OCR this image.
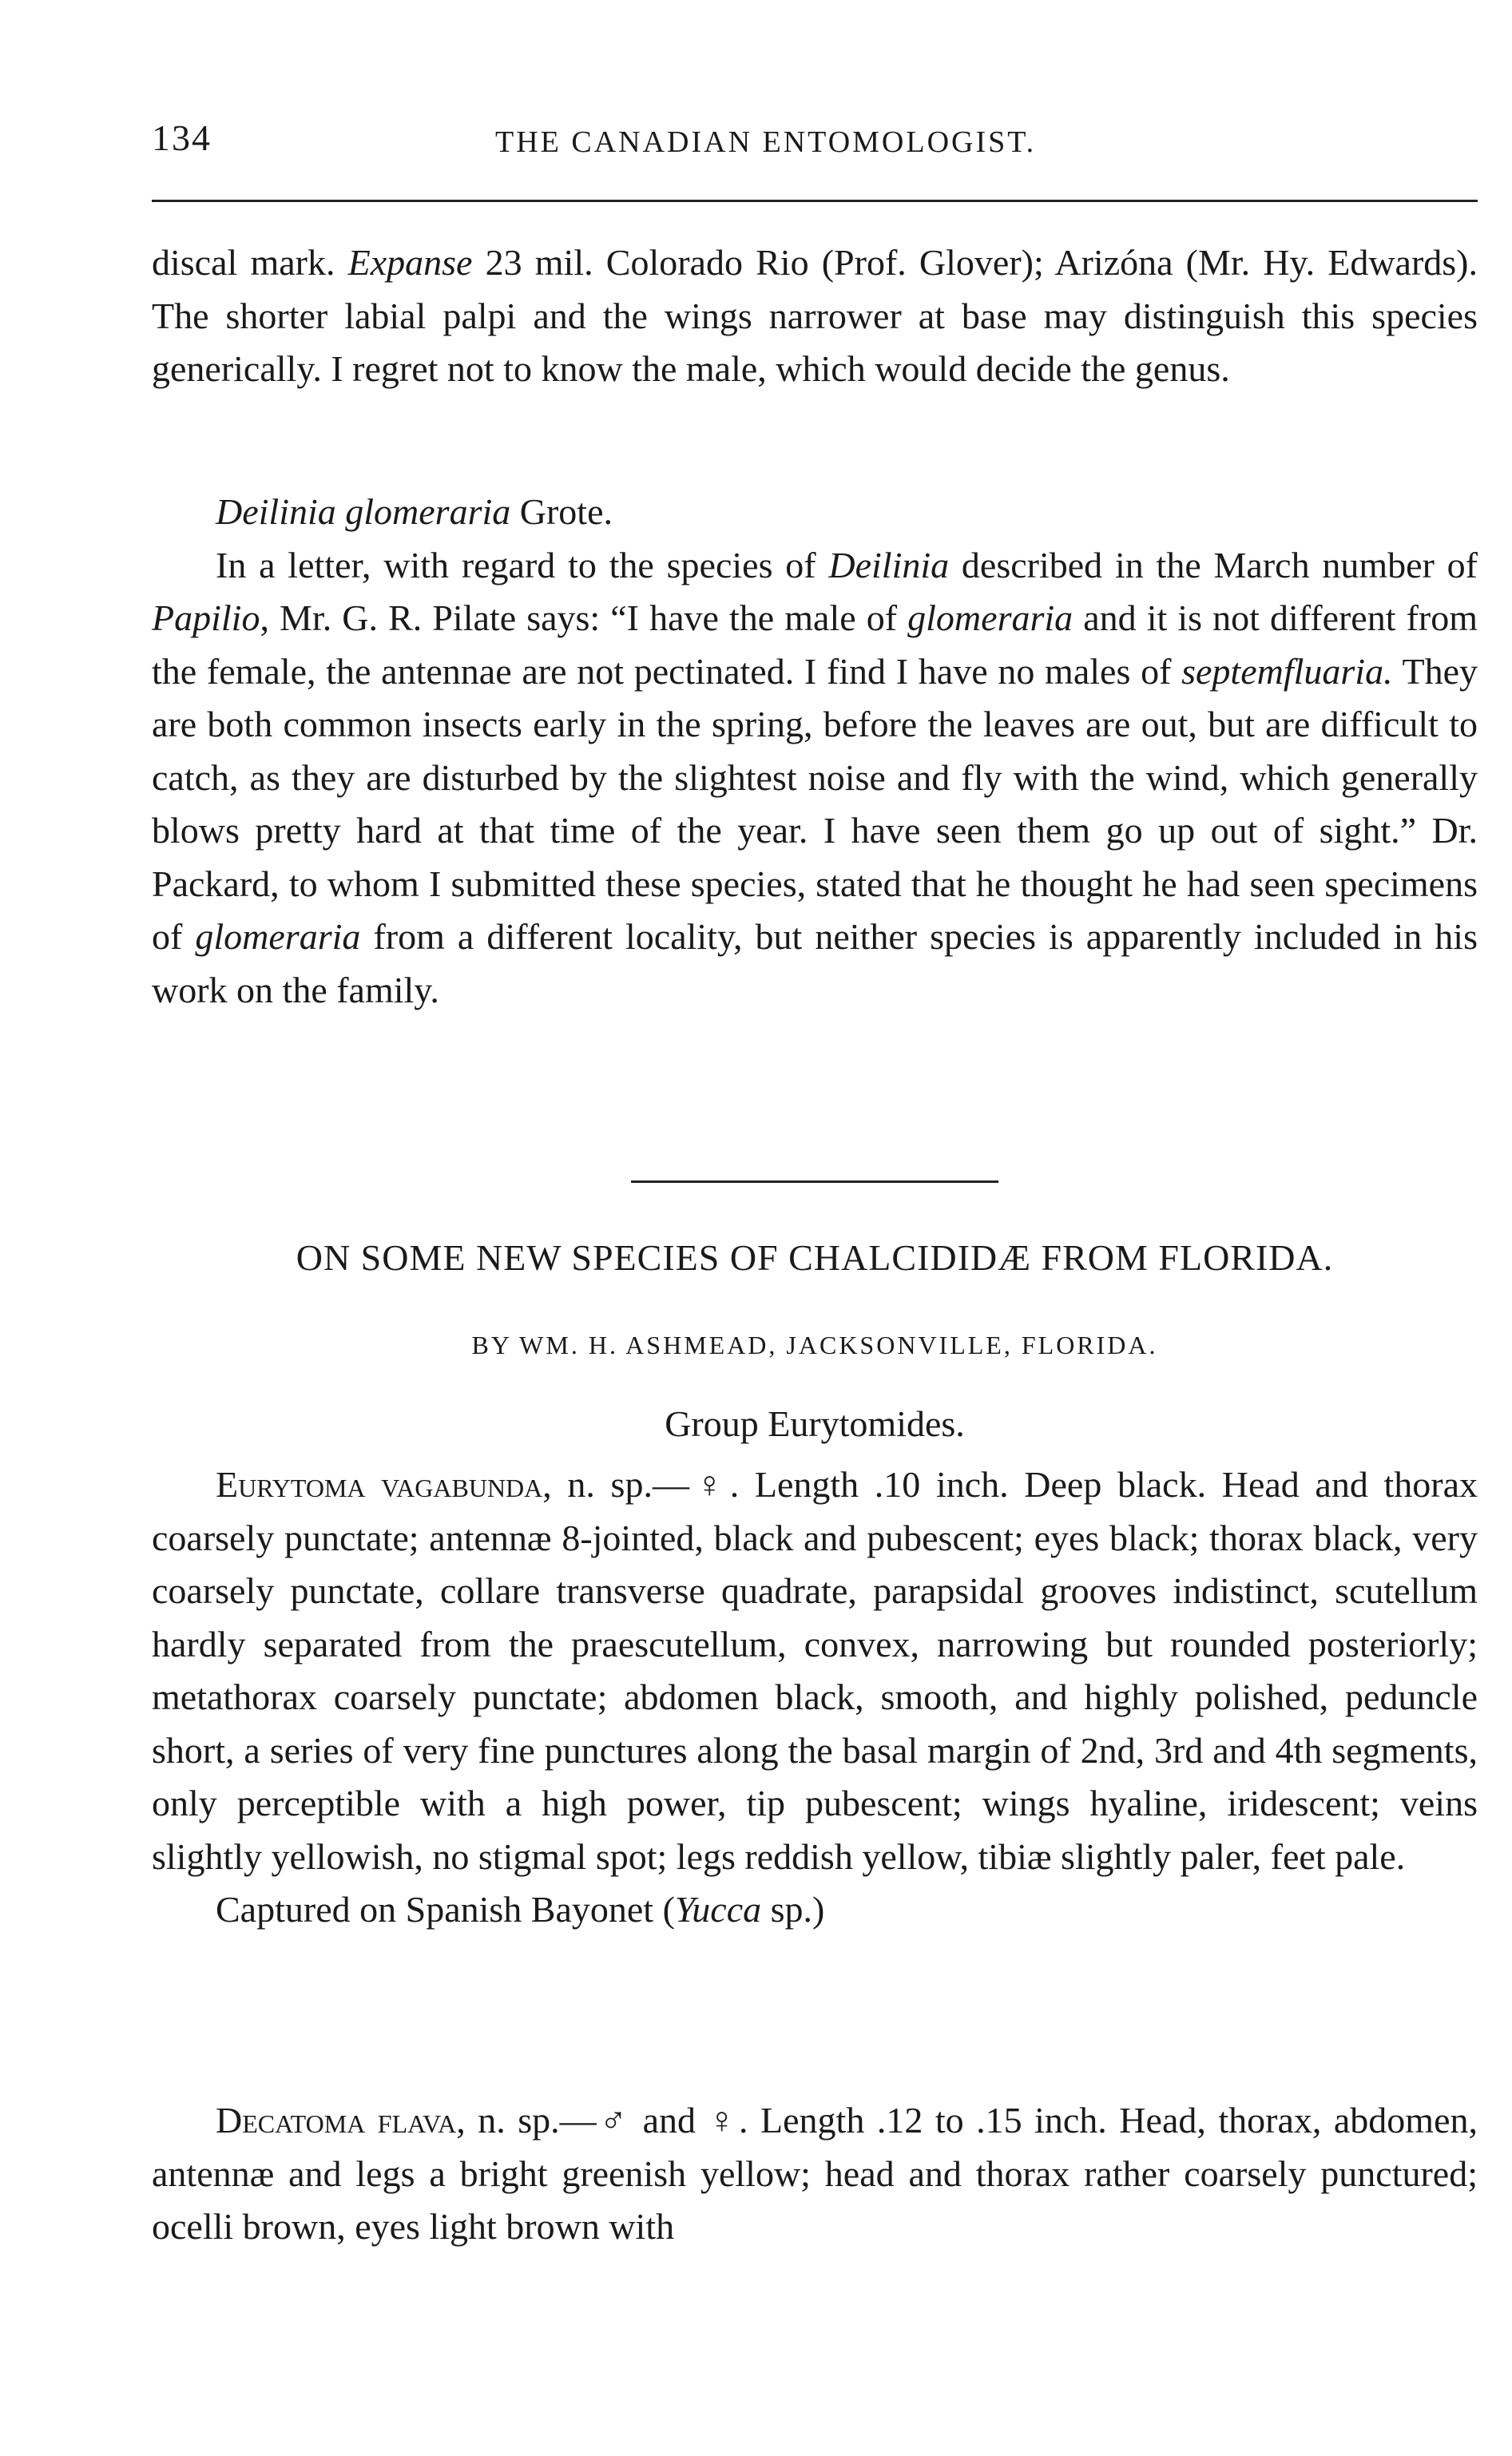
134	THE CANADIAN ENTOMOLOGIST.

discal mark. Expanse 23 mil. Colorado Rio (Prof. Glover); Arizóna (Mr. Hy. Edwards). The shorter labial palpi and the wings narrower at base may distinguish this species generically. I regret not to know the male, which would decide the genus.

Deilinia glomeraria Grote.

In a letter, with regard to the species of Deilinia described in the March number of Papilio, Mr. G. R. Pilate says: “I have the male of glomeraria and it is not different from the female, the antennae are not pectinated. I find I have no males of septemfluaria. They are both common insects early in the spring, before the leaves are out, but are difficult to catch, as they are disturbed by the slightest noise and fly with the wind, which generally blows pretty hard at that time of the year. I have seen them go up out of sight.” Dr. Packard, to whom I submitted these species, stated that he thought he had seen specimens of glomeraria from a different locality, but neither species is apparently included in his work on the family.

ON SOME NEW SPECIES OF CHALCIDIDÆ FROM FLORIDA.
BY WM. H. ASHMEAD, JACKSONVILLE, FLORIDA.
Group Eurytomides.

Eurytoma vagabunda, n. sp.—♀. Length .10 inch. Deep black. Head and thorax coarsely punctate; antennæ 8-jointed, black and pubescent; eyes black; thorax black, very coarsely punctate, collare transverse quadrate, parapsidal grooves indistinct, scutellum hardly separated from the praescutellum, convex, narrowing but rounded posteriorly; metathorax coarsely punctate; abdomen black, smooth, and highly polished, peduncle short, a series of very fine punctures along the basal margin of 2nd, 3rd and 4th segments, only perceptible with a high power, tip pubescent; wings hyaline, iridescent; veins slightly yellowish, no stigmal spot; legs reddish yellow, tibiæ slightly paler, feet pale.

Captured on Spanish Bayonet (Yucca sp.)

Decatoma flava, n. sp.—♂ and ♀. Length .12 to .15 inch. Head, thorax, abdomen, antennæ and legs a bright greenish yellow; head and thorax rather coarsely punctured; ocelli brown, eyes light brown with
